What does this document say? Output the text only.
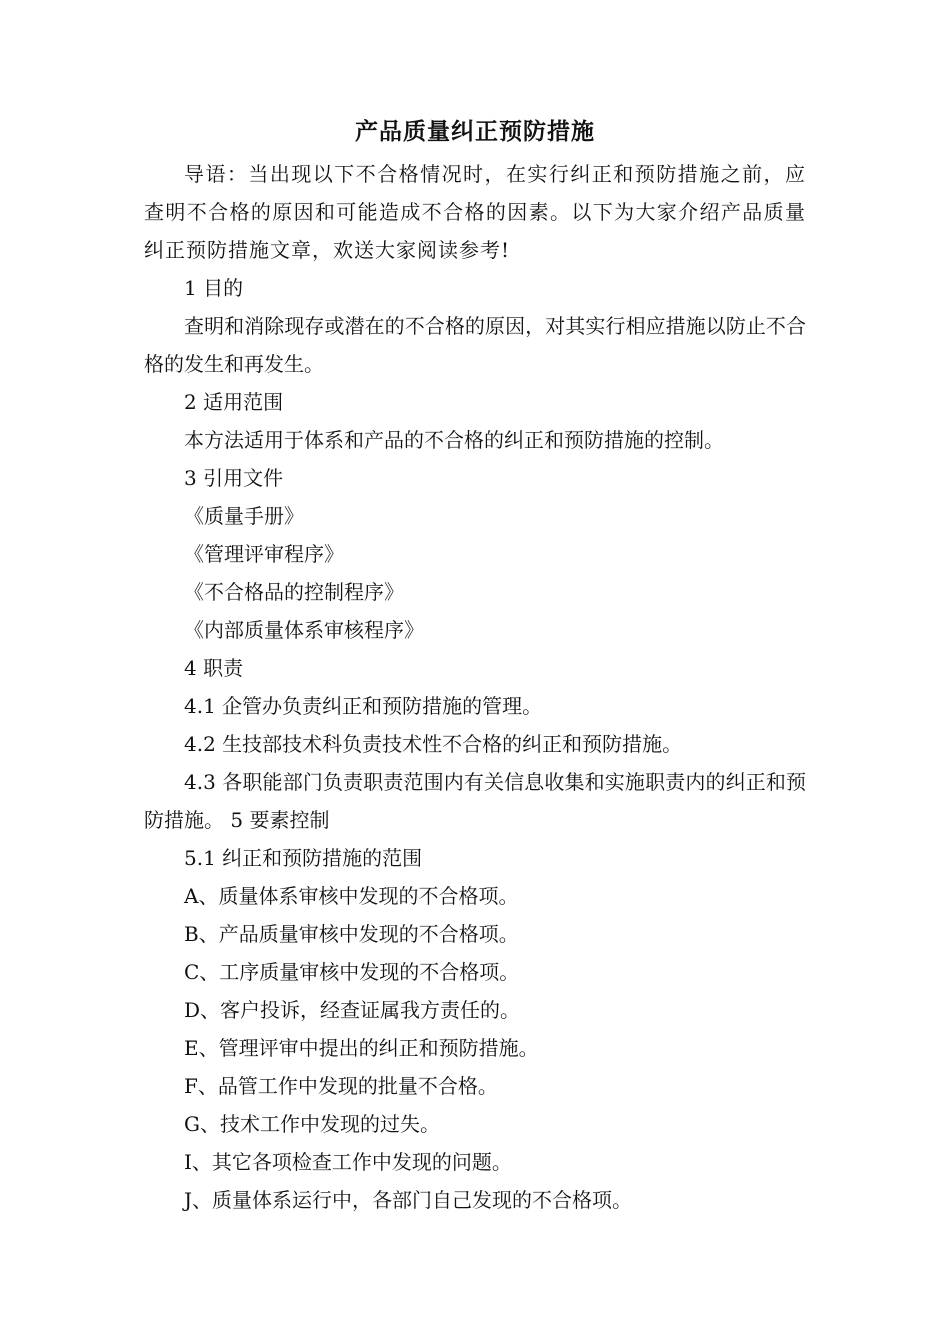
产品质量纠正预防措施

导语：当出现以下不合格情况时，在实行纠正和预防措施之前，应查明不合格的原因和可能造成不合格的因素。以下为大家介绍产品质量纠正预防措施文章，欢送大家阅读参考!

1 目的

查明和消除现存或潜在的不合格的原因，对其实行相应措施以防止不合格的发生和再发生。

2 适用范围

本方法适用于体系和产品的不合格的纠正和预防措施的控制。

3 引用文件

《质量手册》

《管理评审程序》

《不合格品的控制程序》

《内部质量体系审核程序》

4 职责

4.1 企管办负责纠正和预防措施的管理。

4.2 生技部技术科负责技术性不合格的纠正和预防措施。

4.3 各职能部门负责职责范围内有关信息收集和实施职责内的纠正和预防措施。 5 要素控制

5.1 纠正和预防措施的范围

A、质量体系审核中发现的不合格项。

B、产品质量审核中发现的不合格项。

C、工序质量审核中发现的不合格项。

D、客户投诉，经查证属我方责任的。

E、管理评审中提出的纠正和预防措施。

F、品管工作中发现的批量不合格。

G、技术工作中发现的过失。

I、其它各项检查工作中发现的问题。

J、质量体系运行中，各部门自己发现的不合格项。
